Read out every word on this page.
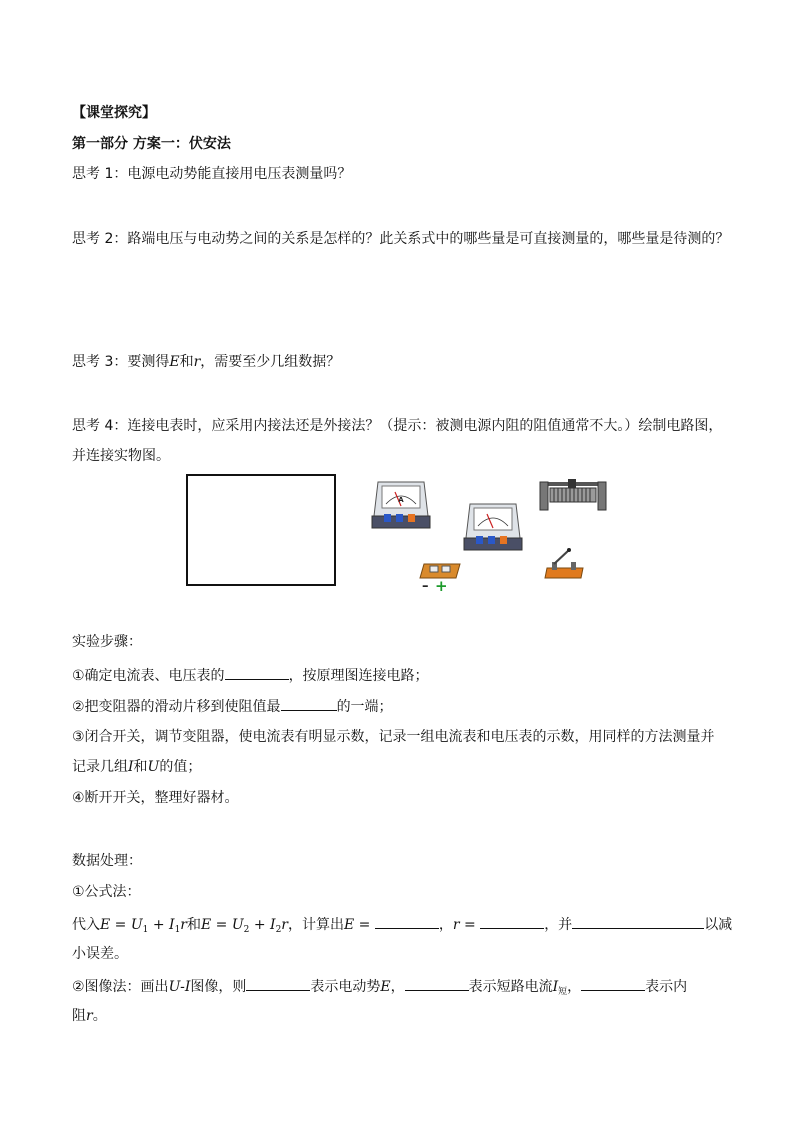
【课堂探究】
第一部分 方案一：伏安法
思考 1：电源电动势能直接用电压表测量吗？
思考 2：路端电压与电动势之间的关系是怎样的？此关系式中的哪些量是可直接测量的，哪些量是待测的？
思考 3：要测得E和r，需要至少几组数据？
思考 4：连接电表时，应采用内接法还是外接法？（提示：被测电源内阻的阻值通常不大。）绘制电路图，
并连接实物图。
A
– +
实验步骤：
①确定电流表、电压表的	，按原理图连接电路；
②把变阻器的滑动片移到使阻值最	的一端；
③闭合开关，调节变阻器，使电流表有明显示数，记录一组电流表和电压表的示数，用同样的方法测量并
记录几组I和U的值；
④断开开关，整理好器材。
数据处理：
①公式法：
代入$E = U_1 + I_1r$和$E = U_2 + I_2r$，计算出E =	，r =	，并	以减
小误差。
②图像法：画出U-I图像，则	表示电动势E，	表示短路电流$I_短$，	表示内
阻r。
